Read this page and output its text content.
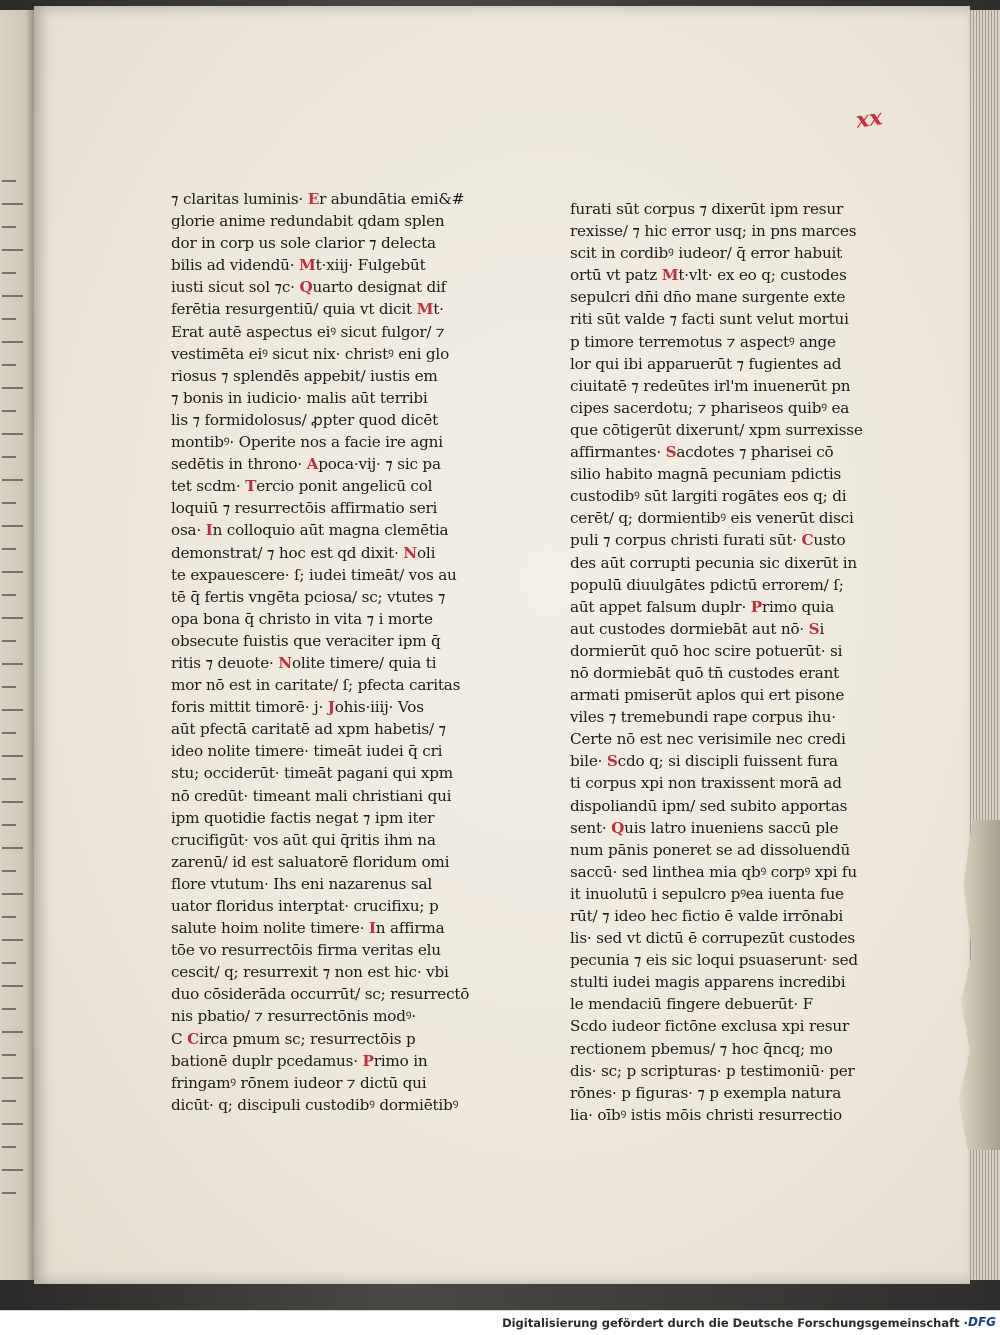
xx
⁊ claritas luminis· Er abundātia emi&#
glorie anime redundabit qdam splen
dor in corp us sole clarior ⁊ delecta
bilis ad videndū· Mt·xiij· Fulgebūt
iusti sicut sol ⁊c· Quarto designat dif
ferētia resurgentiū/ quia vt dicit Mt·
Erat autē aspectus eiꝰ sicut fulgor/ ⁊
vestimēta eiꝰ sicut nix· christꝰ eni glo
riosus ⁊ splendēs appebit/ iustis em
⁊ bonis in iudicio· malis aūt terribi
lis ⁊ formidolosus/ ꝓpter quod dicēt
montibꝰ· Operite nos a facie ire agni
sedētis in throno· Apoca·vij· ⁊ sic pa
tet scdm· Tercio ponit angelicū col
loquiū ⁊ resurrectōis affirmatio seri
osa· In colloquio aūt magna clemētia
demonstrat/ ⁊ hoc est qd dixit· Noli
te expauescere· ſ; iudei timeāt/ vos au
tē q̄ fertis vngēta pciosa/ sc; vtutes ⁊
opa bona q̄ christo in vita ⁊ i morte
obsecute fuistis que veraciter ipm q̄
ritis ⁊ deuote· Nolite timere/ quia ti
mor nō est in caritate/ ſ; pfecta caritas
foris mittit timorē· j· Johis·iiij· Vos
aūt pfectā caritatē ad xpm habetis/ ⁊
ideo nolite timere· timeāt iudei q̄ cri
stu; occiderūt· timeāt pagani qui xpm
nō credūt· timeant mali christiani qui
ipm quotidie factis negat ⁊ ipm iter
crucifigūt· vos aūt qui q̄ritis ihm na
zarenū/ id est saluatorē floridum omi
flore vtutum· Ihs eni nazarenus sal
uator floridus interptat· crucifixu; p
salute hoim nolite timere· In affirma
tōe vo resurrectōis firma veritas elu
cescit/ q; resurrexit ⁊ non est hic· vbi
duo cōsiderāda occurrūt/ sc; resurrectō
nis pbatio/ ⁊ resurrectōnis modꝰ·
C Circa pmum sc; resurrectōis p
bationē duplr pcedamus· Primo in
fringamꝰ rōnem iudeor ⁊ dictū qui
dicūt· q; discipuli custodibꝰ dormiētibꝰ
furati sūt corpus ⁊ dixerūt ipm resur
rexisse/ ⁊ hic error usq; in pns marces
scit in cordibꝰ iudeor/ q̄ error habuit
ortū vt patz Mt·vlt· ex eo q; custodes
sepulcri dn̄i dn̄o mane surgente exte
riti sūt valde ⁊ facti sunt velut mortui
p timore terremotus ⁊ aspectꝰ ange
lor qui ibi apparuerūt ⁊ fugientes ad
ciuitatē ⁊ redeūtes irl'm inuenerūt pn
cipes sacerdotu; ⁊ phariseos quibꝰ ea
que cōtigerūt dixerunt/ xpm surrexisse
affirmantes· Sacdotes ⁊ pharisei cō
silio habito magnā pecuniam pdictis
custodibꝰ sūt largiti rogātes eos q; di
cerēt/ q; dormientibꝰ eis venerūt disci
puli ⁊ corpus christi furati sūt· Custo
des aūt corrupti pecunia sic dixerūt in
populū diuulgātes pdictū errorem/ ſ;
aūt appet falsum duplr· Primo quia
aut custodes dormiebāt aut nō· Si
dormierūt quō hoc scire potuerūt· si
nō dormiebāt quō tn̄ custodes erant
armati pmiserūt aplos qui ert pisone
viles ⁊ tremebundi rape corpus ihu·
Certe nō est nec verisimile nec credi
bile· Scdo q; si discipli fuissent fura
ti corpus xpi non traxissent morā ad
dispoliandū ipm/ sed subito apportas
sent· Quis latro inueniens saccū ple
num pānis poneret se ad dissoluendū
saccū· sed linthea mia qbꝰ corpꝰ xpi fu
it inuolutū i sepulcro pꝰea iuenta fue
rūt/ ⁊ ideo hec fictio ē valde irrōnabi
lis· sed vt dictū ē corrupezūt custodes
pecunia ⁊ eis sic loqui psuaserunt· sed
stulti iudei magis apparens incredibi
le mendaciū fingere debuerūt· F
Scdo iudeor fictōne exclusa xpi resur
rectionem pbemus/ ⁊ hoc q̄ncq; mo
dis· sc; p scripturas· p testimoniū· per
rōnes· p figuras· ⁊ p exempla natura
lia· oībꝰ istis mōis christi resurrectio
Digitalisierung gefördert durch die Deutsche Forschungsgemeinschaft · DFG
